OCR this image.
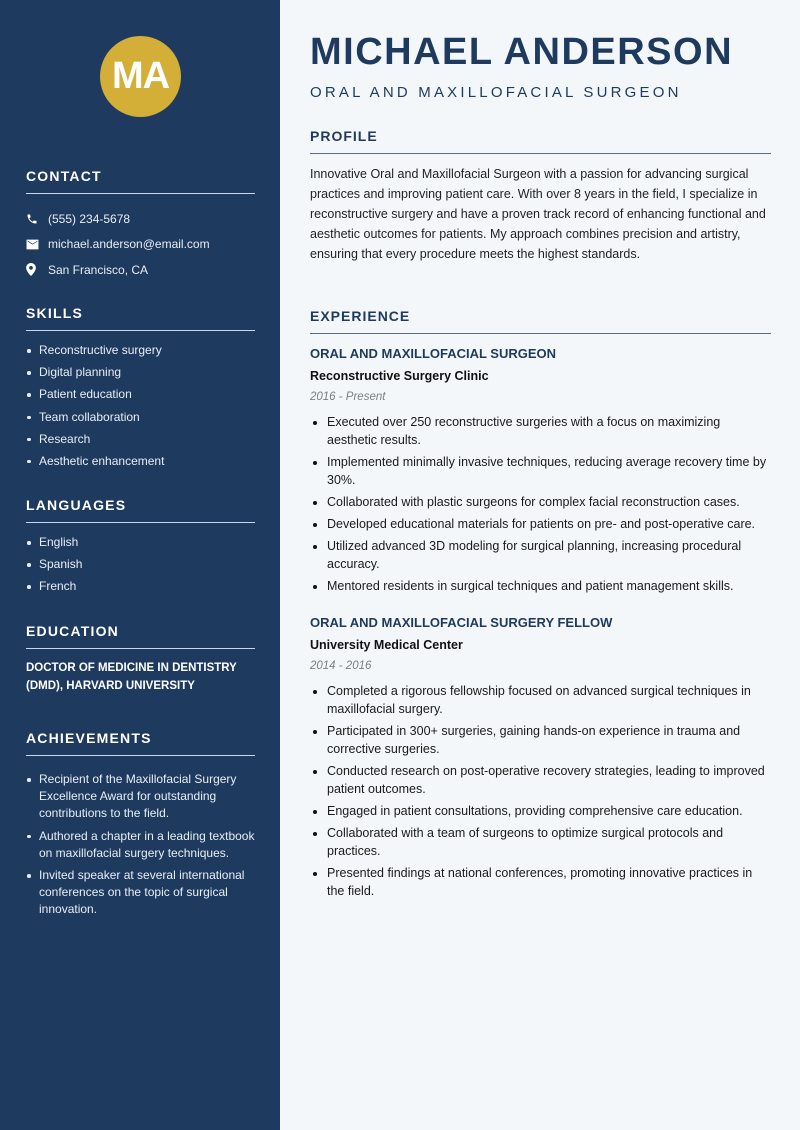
MA
CONTACT
(555) 234-5678
michael.anderson@email.com
San Francisco, CA
SKILLS
Reconstructive surgery
Digital planning
Patient education
Team collaboration
Research
Aesthetic enhancement
LANGUAGES
English
Spanish
French
EDUCATION

DOCTOR OF MEDICINE IN DENTISTRY (DMD), HARVARD UNIVERSITY

ACHIEVEMENTS
Recipient of the Maxillofacial Surgery Excellence Award for outstanding contributions to the field.
Authored a chapter in a leading textbook on maxillofacial surgery techniques.
Invited speaker at several international conferences on the topic of surgical innovation.
MICHAEL ANDERSON
ORAL AND MAXILLOFACIAL SURGEON
PROFILE

Innovative Oral and Maxillofacial Surgeon with a passion for advancing surgical practices and improving patient care. With over 8 years in the field, I specialize in reconstructive surgery and have a proven track record of enhancing functional and aesthetic outcomes for patients. My approach combines precision and artistry, ensuring that every procedure meets the highest standards.

EXPERIENCE
ORAL AND MAXILLOFACIAL SURGEON
Reconstructive Surgery Clinic
2016 - Present
Executed over 250 reconstructive surgeries with a focus on maximizing aesthetic results.
Implemented minimally invasive techniques, reducing average recovery time by 30%.
Collaborated with plastic surgeons for complex facial reconstruction cases.
Developed educational materials for patients on pre- and post-operative care.
Utilized advanced 3D modeling for surgical planning, increasing procedural accuracy.
Mentored residents in surgical techniques and patient management skills.
ORAL AND MAXILLOFACIAL SURGERY FELLOW
University Medical Center
2014 - 2016
Completed a rigorous fellowship focused on advanced surgical techniques in maxillofacial surgery.
Participated in 300+ surgeries, gaining hands-on experience in trauma and corrective surgeries.
Conducted research on post-operative recovery strategies, leading to improved patient outcomes.
Engaged in patient consultations, providing comprehensive care education.
Collaborated with a team of surgeons to optimize surgical protocols and practices.
Presented findings at national conferences, promoting innovative practices in the field.
